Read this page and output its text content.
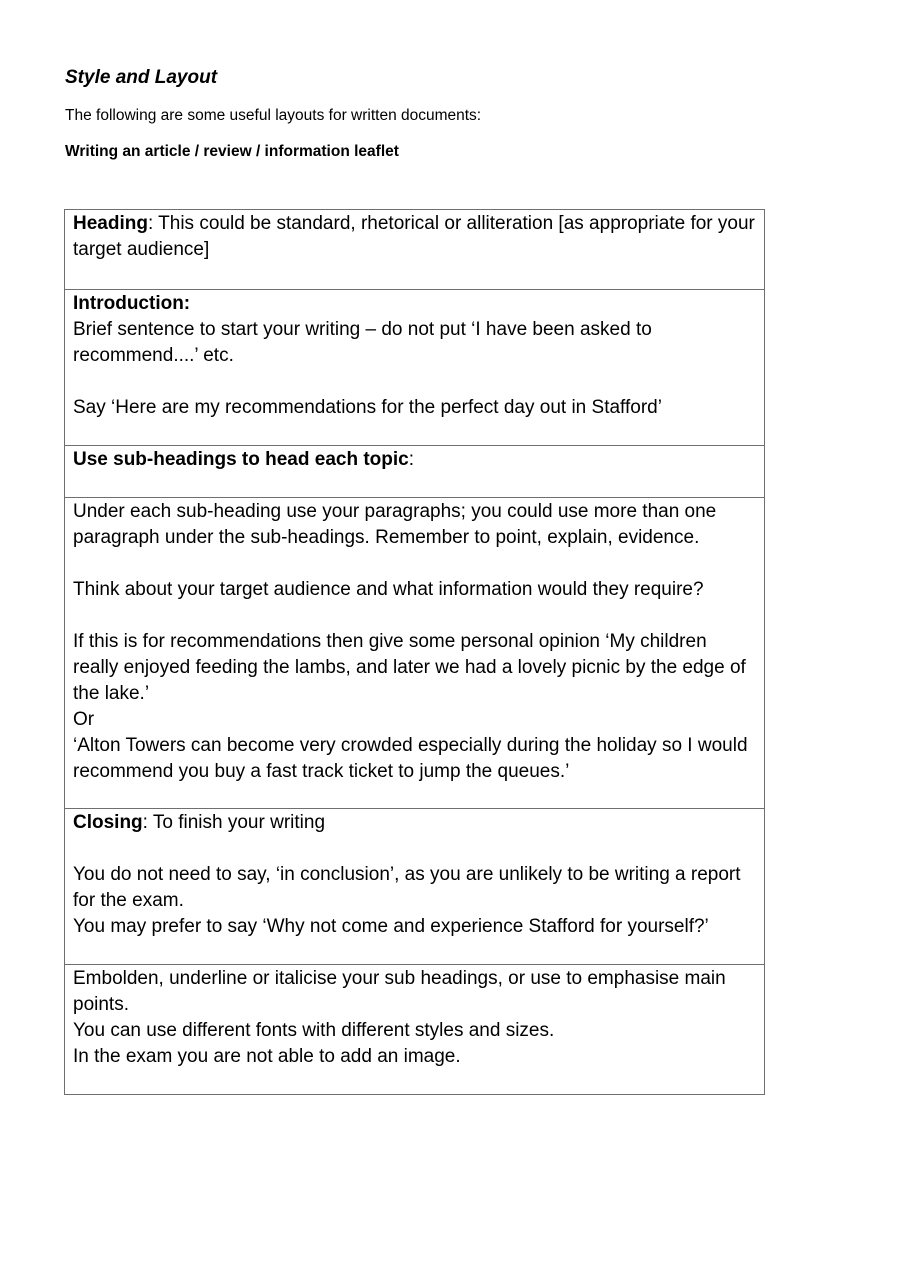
Style and Layout

The following are some useful layouts for written documents:

Writing an article / review / information leaflet

Heading: This could be standard, rhetorical or alliteration [as appropriate for your target audience]

Introduction:

Brief sentence to start your writing – do not put ‘I have been asked to recommend....’ etc.

Say ‘Here are my recommendations for the perfect day out in Stafford’

Use sub-headings to head each topic:

Under each sub-heading use your paragraphs; you could use more than one paragraph under the sub-headings. Remember to point, explain, evidence.

Think about your target audience and what information would they require?

If this is for recommendations then give some personal opinion ‘My children really enjoyed feeding the lambs, and later we had a lovely picnic by the edge of the lake.’

Or

‘Alton Towers can become very crowded especially during the holiday so I would recommend you buy a fast track ticket to jump the queues.’

Closing: To finish your writing

You do not need to say, ‘in conclusion’, as you are unlikely to be writing a report for the exam.

You may prefer to say ‘Why not come and experience Stafford for yourself?’

Embolden, underline or italicise your sub headings, or use to emphasise main points.

You can use different fonts with different styles and sizes.

In the exam you are not able to add an image.
